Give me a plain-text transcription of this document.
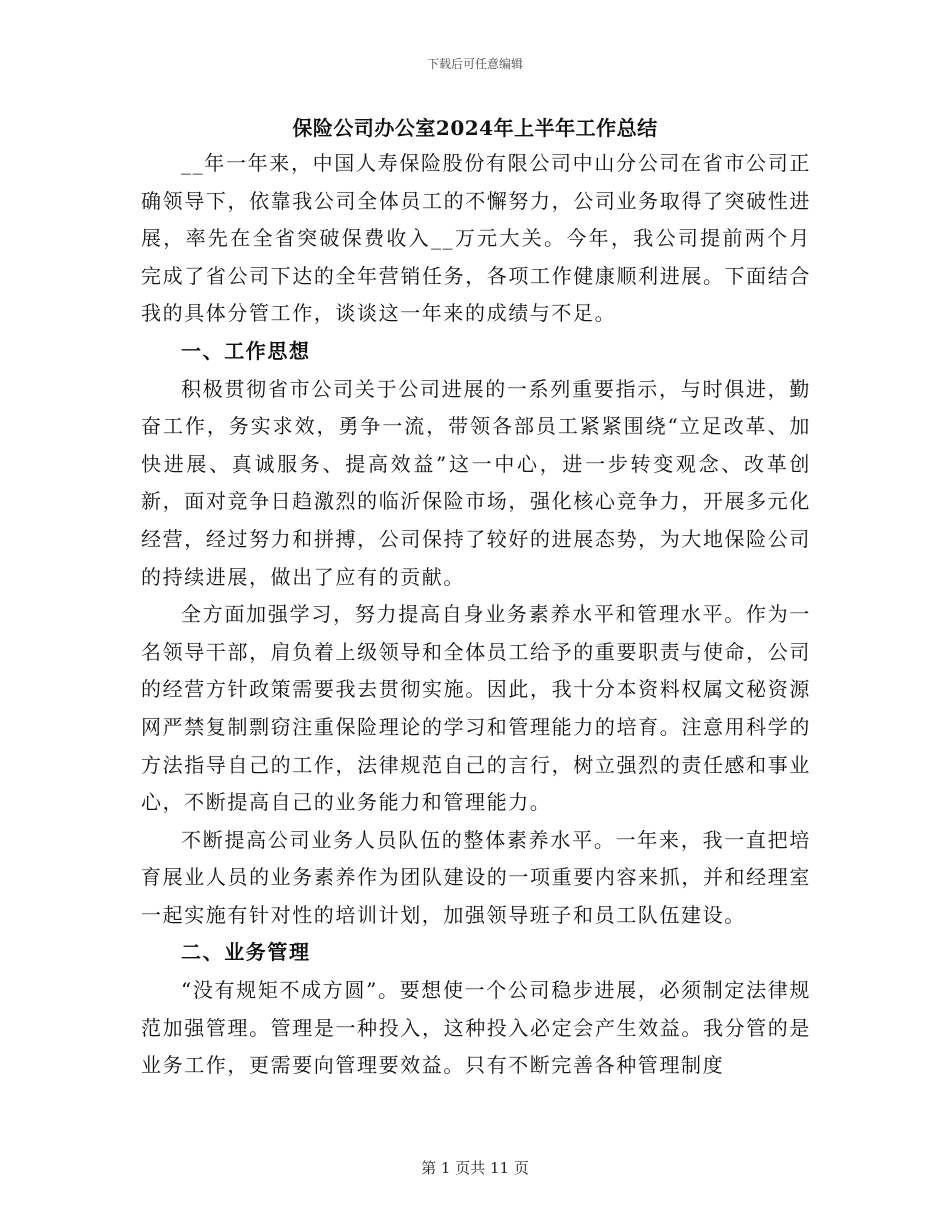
下载后可任意编辑
保险公司办公室2024年上半年工作总结

__年一年来，中国人寿保险股份有限公司中山分公司在省市公司正确领导下，依靠我公司全体员工的不懈努力，公司业务取得了突破性进展，率先在全省突破保费收入__万元大关。今年，我公司提前两个月完成了省公司下达的全年营销任务，各项工作健康顺利进展。下面结合我的具体分管工作，谈谈这一年来的成绩与不足。

一、工作思想

积极贯彻省市公司关于公司进展的一系列重要指示，与时俱进，勤奋工作，务实求效，勇争一流，带领各部员工紧紧围绕“立足改革、加快进展、真诚服务、提高效益”这一中心，进一步转变观念、改革创新，面对竞争日趋激烈的临沂保险市场，强化核心竞争力，开展多元化经营，经过努力和拼搏，公司保持了较好的进展态势，为大地保险公司的持续进展，做出了应有的贡献。

全方面加强学习，努力提高自身业务素养水平和管理水平。作为一名领导干部，肩负着上级领导和全体员工给予的重要职责与使命，公司的经营方针政策需要我去贯彻实施。因此，我十分本资料权属文秘资源网严禁复制剽窃注重保险理论的学习和管理能力的培育。注意用科学的方法指导自己的工作，法律规范自己的言行，树立强烈的责任感和事业心，不断提高自己的业务能力和管理能力。

不断提高公司业务人员队伍的整体素养水平。一年来，我一直把培育展业人员的业务素养作为团队建设的一项重要内容来抓，并和经理室一起实施有针对性的培训计划，加强领导班子和员工队伍建设。

二、业务管理

“没有规矩不成方圆”。要想使一个公司稳步进展，必须制定法律规范加强管理。管理是一种投入，这种投入必定会产生效益。我分管的是业务工作，更需要向管理要效益。只有不断完善各种管理制度

第 1 页共 11 页
